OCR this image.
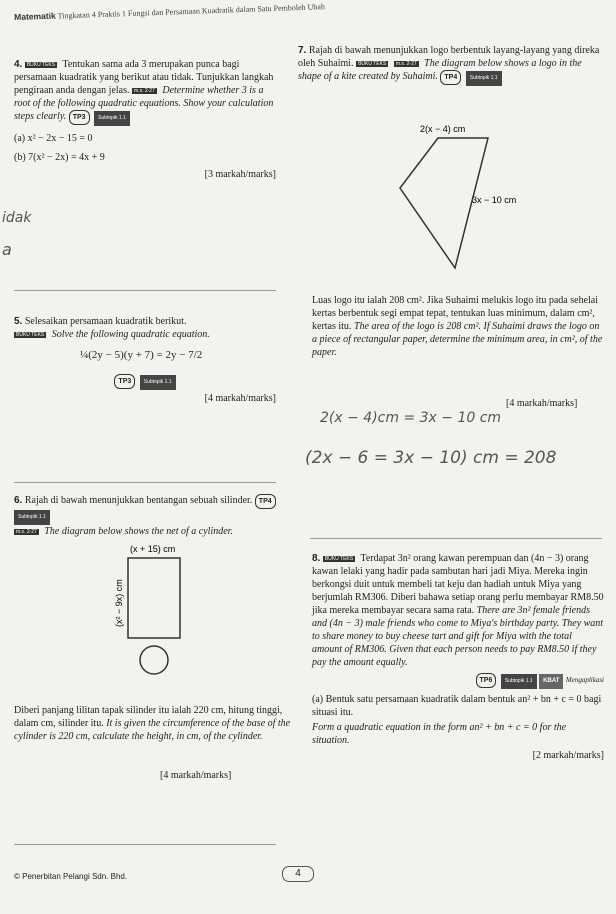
Matematik Tingkatan 4 Praktis 1 Fungsi dan Persamaan Kuadratik dalam Satu Pemboleh Ubah
4. BUKU TEKS Tentukan sama ada 3 merupakan punca bagi persamaan kuadratik yang berikut atau tidak. Tunjukkan langkah pengiraan anda dengan jelas. m.s. 2-27 Determine whether 3 is a root of the following quadratic equations. Show your calculation steps clearly. TP3	Subtopik 1.1
(a) x² − 2x − 15 = 0
(b) 7(x² − 2x) = 4x + 9
[3 markah/marks]
idak
a
7. Rajah di bawah menunjukkan logo berbentuk layang-layang yang direka oleh Suhaimi. BUKU TEKS m.s. 2-27 The diagram below shows a logo in the shape of a kite created by Suhaimi. TP4	Subtopik 1.1
2(x − 4) cm
3x − 10 cm
Luas logo itu ialah 208 cm². Jika Suhaimi melukis logo itu pada sehelai kertas berbentuk segi empat tepat, tentukan luas minimum, dalam cm², kertas itu. The area of the logo is 208 cm². If Suhaimi draws the logo on a piece of rectangular paper, determine the minimum area, in cm², of the paper.
[4 markah/marks]
2(x − 4)cm = 3x − 10 cm
(2x − 6 = 3x − 10) cm = 208
5. Selesaikan persamaan kuadratik berikut.
BUKU TEKS Solve the following quadratic equation.
¼(2y − 5)(y + 7) = 2y − 7/2
TP3	Subtopik 1.1
[4 markah/marks]
6. Rajah di bawah menunjukkan bentangan sebuah silinder. TP4 Subtopik 1.1
m.s. 2-27 The diagram below shows the net of a cylinder.
(x + 15) cm
(x² − 9x) cm
Diberi panjang lilitan tapak silinder itu ialah 220 cm, hitung tinggi, dalam cm, silinder itu. It is given the circumference of the base of the cylinder is 220 cm, calculate the height, in cm, of the cylinder.
[4 markah/marks]
8. BUKU TEKS Terdapat 3n² orang kawan perempuan dan (4n − 3) orang kawan lelaki yang hadir pada sambutan hari jadi Miya. Mereka ingin berkongsi duit untuk membeli tat keju dan hadiah untuk Miya yang berjumlah RM306. Diberi bahawa setiap orang perlu membayar RM8.50 jika mereka membayar secara sama rata. There are 3n² female friends and (4n − 3) male friends who come to Miya's birthday party. They want to share money to buy cheese tart and gift for Miya with the total amount of RM306. Given that each person needs to pay RM8.50 if they pay the amount equally.
TP6	Subtopik 1.1 KBAT Mengaplikasi
(a) Bentuk satu persamaan kuadratik dalam bentuk an² + bn + c = 0 bagi situasi itu.
Form a quadratic equation in the form an² + bn + c = 0 for the situation.
[2 markah/marks]
© Penerbitan Pelangi Sdn. Bhd.	4
